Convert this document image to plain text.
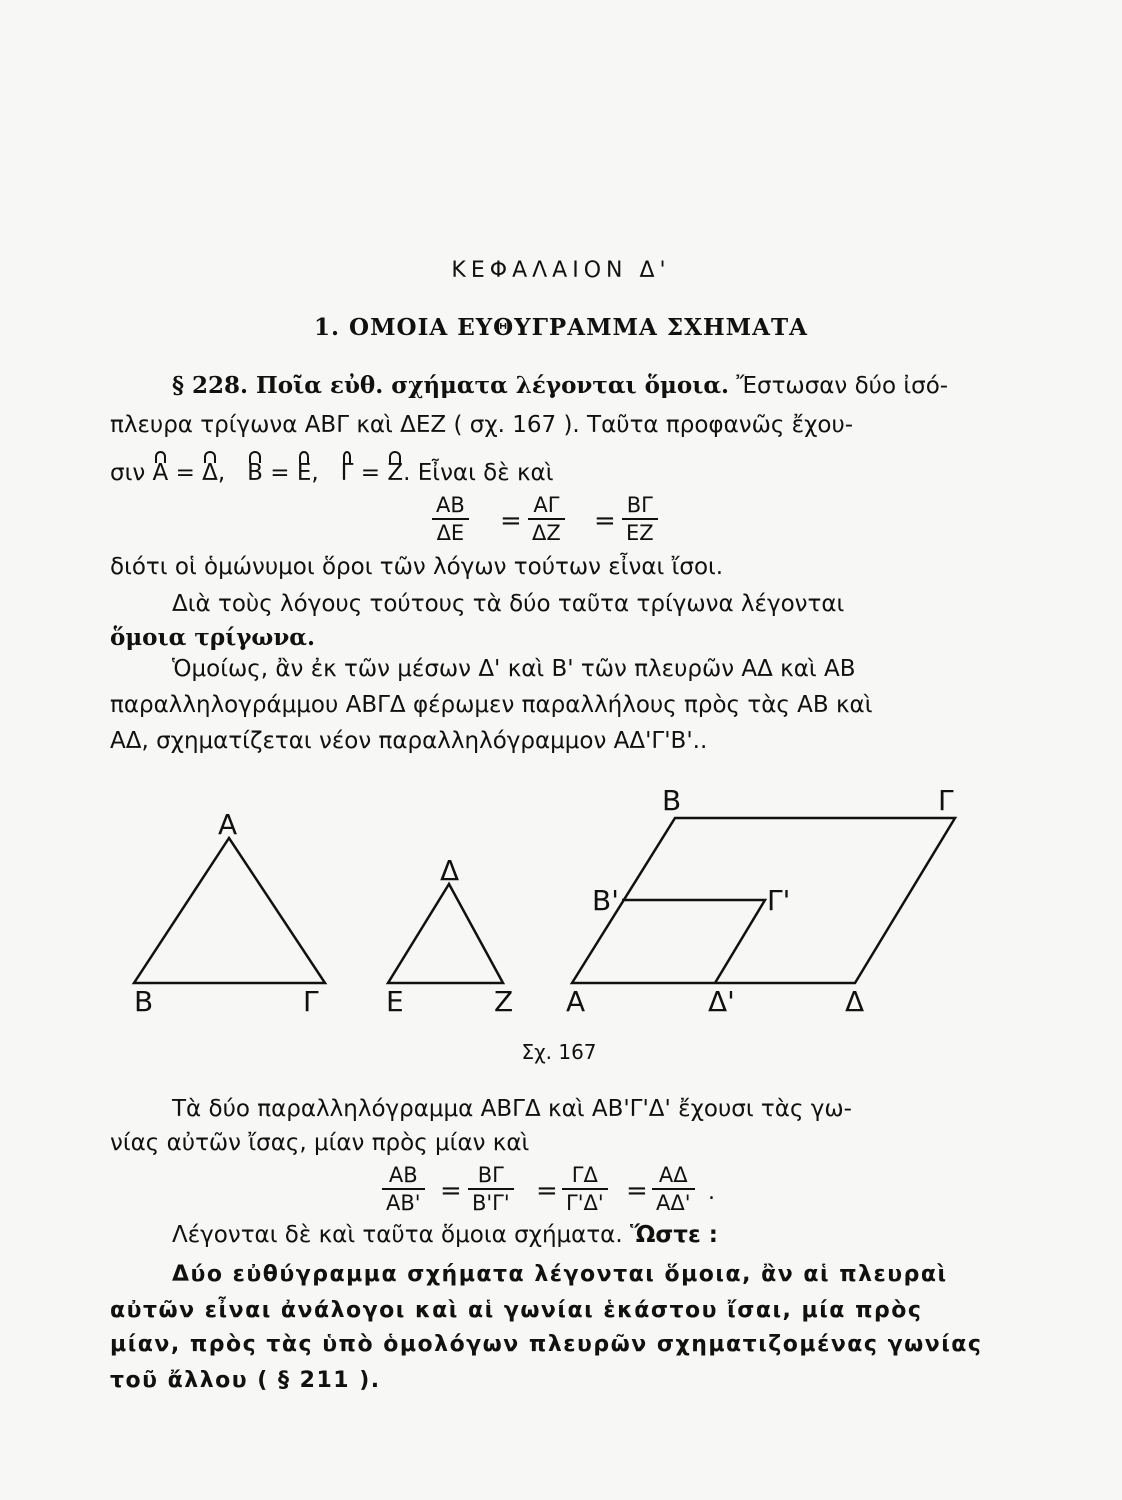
ΚΕΦΑΛΑΙΟΝ Δ'
1. ΟΜΟΙΑ ΕΥΘΥΓΡΑΜΜΑ ΣΧΗΜΑΤΑ
§ 228. Ποῖα εὐθ. σχήματα λέγονται ὅμοια. Ἔστωσαν δύο ἰσό-
πλευρα τρίγωνα ΑΒΓ καὶ ΔΕΖ ( σχ. 167 ). Ταῦτα προφανῶς ἔχου-
σιν Α = Δ,   Β = Ε,   Γ = Ζ. Εἶναι δὲ καὶ
$\frac{AB}{\Delta E} = \frac{A\Gamma}{\Delta Z} = \frac{B\Gamma}{EZ}$
διότι οἱ ὁμώνυμοι ὅροι τῶν λόγων τούτων εἶναι ἴσοι.
Διὰ τοὺς λόγους τούτους τὰ δύο ταῦτα τρίγωνα λέγονται
ὅμοια τρίγωνα.
Ὁμοίως, ἂν ἐκ τῶν μέσων Δ' καὶ Β' τῶν πλευρῶν ΑΔ καὶ ΑΒ
παραλληλογράμμου ΑΒΓΔ φέρωμεν παραλλήλους πρὸς τὰς ΑΒ καὶ
ΑΔ, σχηματίζεται νέον παραλληλόγραμμον ΑΔ'Γ'Β'..
Α
Β	Γ
Δ
Ε	Ζ
Β	Γ
Β'	Γ'
Α	Δ'	Δ
Σχ. 167
Τὰ δύο παραλληλόγραμμα ΑΒΓΔ καὶ ΑΒ'Γ'Δ' ἔχουσι τὰς γω-
νίας αὐτῶν ἴσας, μίαν πρὸς μίαν καὶ
$\frac{AB}{AB'} = \frac{B\Gamma}{B'\Gamma'} = \frac{\Gamma\Delta}{\Gamma'\Delta'} = \frac{A\Delta}{A\Delta'}$ .
Λέγονται δὲ καὶ ταῦτα ὅμοια σχήματα. Ὥστε :
Δύο εὐθύγραμμα σχήματα λέγονται ὅμοια, ἂν αἱ πλευραὶ
αὐτῶν εἶναι ἀνάλογοι καὶ αἱ γωνίαι ἑκάστου ἴσαι, μία πρὸς
μίαν, πρὸς τὰς ὑπὸ ὁμολόγων πλευρῶν σχηματιζομένας γωνίας
τοῦ ἄλλου ( § 211 ).
